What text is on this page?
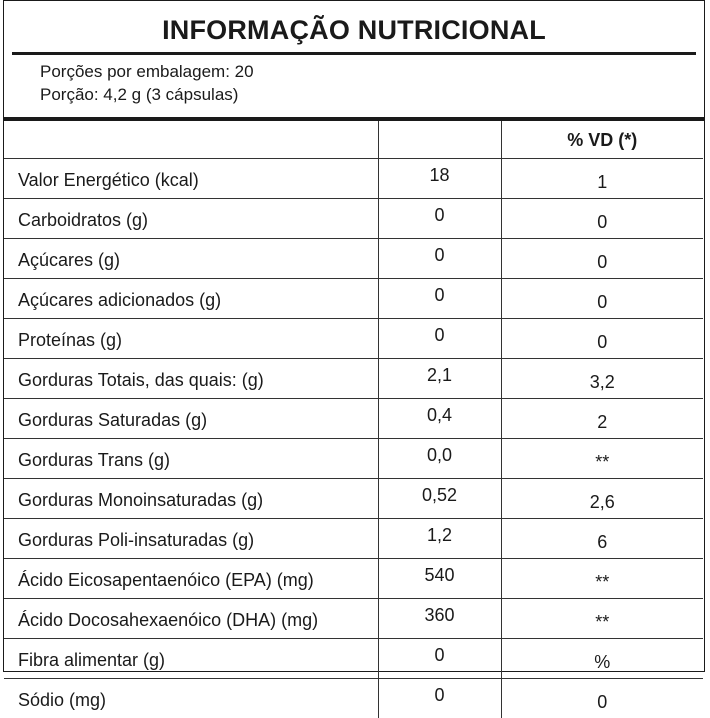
INFORMAÇÃO NUTRICIONAL
Porções por embalagem: 20
Porção: 4,2 g (3 cápsulas)
		% VD (*)
Valor Energético (kcal)	18	1
Carboidratos (g)	0	0
Açúcares (g)	0	0
Açúcares adicionados (g)	0	0
Proteínas (g)	0	0
Gorduras Totais, das quais: (g)	2,1	3,2
Gorduras Saturadas (g)	0,4	2
Gorduras Trans (g)	0,0	**
Gorduras Monoinsaturadas (g)	0,52	2,6
Gorduras Poli-insaturadas (g)	1,2	6
Ácido Eicosapentaenóico (EPA) (mg)	540	**
Ácido Docosahexaenóico (DHA) (mg)	360	**
Fibra alimentar (g)	0	%
Sódio (mg)	0	0
